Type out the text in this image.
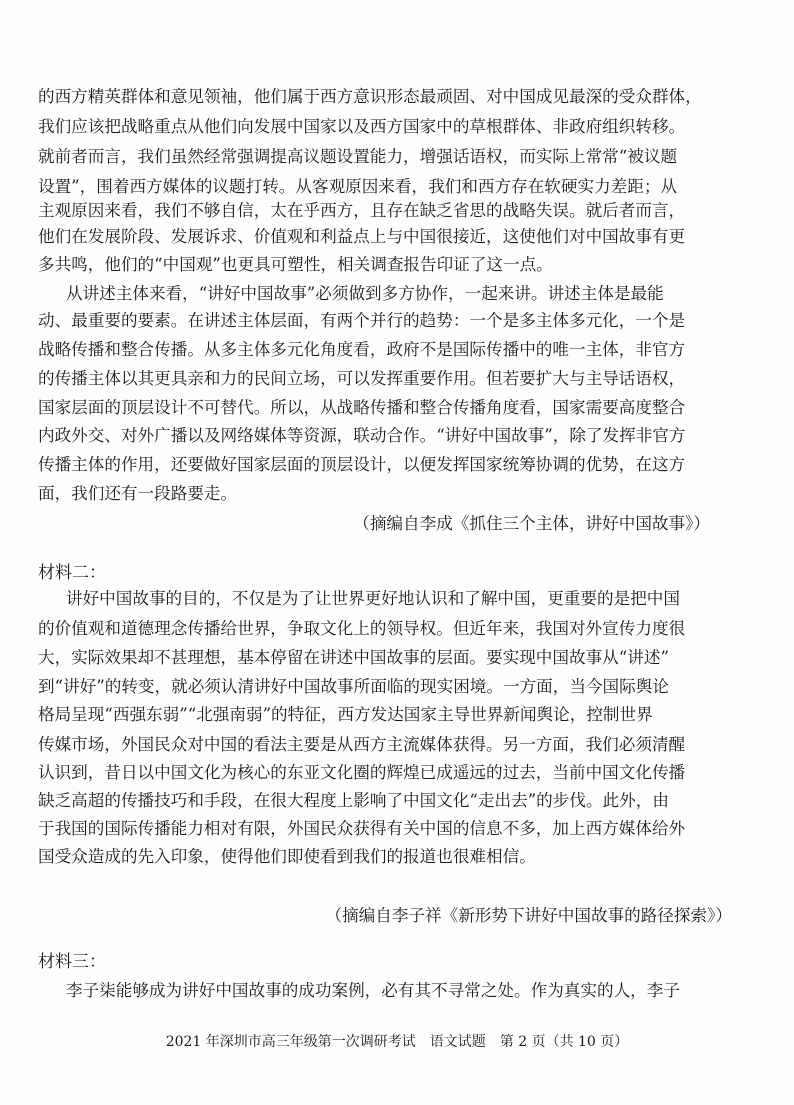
的西方精英群体和意见领袖，他们属于西方意识形态最顽固、对中国成见最深的受众群体，
我们应该把战略重点从他们向发展中国家以及西方国家中的草根群体、非政府组织转移。
就前者而言，我们虽然经常强调提高议题设置能力，增强话语权，而实际上常常“被议题
设置”，围着西方媒体的议题打转。从客观原因来看，我们和西方存在软硬实力差距；从
主观原因来看，我们不够自信，太在乎西方，且存在缺乏省思的战略失误。就后者而言，
他们在发展阶段、发展诉求、价值观和利益点上与中国很接近，这使他们对中国故事有更
多共鸣，他们的“中国观”也更具可塑性，相关调查报告印证了这一点。
从讲述主体来看，“讲好中国故事”必须做到多方协作，一起来讲。讲述主体是最能
动、最重要的要素。在讲述主体层面，有两个并行的趋势：一个是多主体多元化，一个是
战略传播和整合传播。从多主体多元化角度看，政府不是国际传播中的唯一主体，非官方
的传播主体以其更具亲和力的民间立场，可以发挥重要作用。但若要扩大与主导话语权，
国家层面的顶层设计不可替代。所以，从战略传播和整合传播角度看，国家需要高度整合
内政外交、对外广播以及网络媒体等资源，联动合作。“讲好中国故事”，除了发挥非官方
传播主体的作用，还要做好国家层面的顶层设计，以便发挥国家统筹协调的优势，在这方
面，我们还有一段路要走。
（摘编自李成《抓住三个主体，讲好中国故事》）
材料二：
讲好中国故事的目的，不仅是为了让世界更好地认识和了解中国，更重要的是把中国
的价值观和道德理念传播给世界，争取文化上的领导权。但近年来，我国对外宣传力度很
大，实际效果却不甚理想，基本停留在讲述中国故事的层面。要实现中国故事从“讲述”
到“讲好”的转变，就必须认清讲好中国故事所面临的现实困境。一方面，当今国际舆论
格局呈现“西强东弱”“北强南弱”的特征，西方发达国家主导世界新闻舆论，控制世界
传媒市场，外国民众对中国的看法主要是从西方主流媒体获得。另一方面，我们必须清醒
认识到，昔日以中国文化为核心的东亚文化圈的辉煌已成遥远的过去，当前中国文化传播
缺乏高超的传播技巧和手段，在很大程度上影响了中国文化“走出去”的步伐。此外，由
于我国的国际传播能力相对有限，外国民众获得有关中国的信息不多，加上西方媒体给外
国受众造成的先入印象，使得他们即使看到我们的报道也很难相信。
（摘编自李子祥《新形势下讲好中国故事的路径探索》）
材料三：
李子柒能够成为讲好中国故事的成功案例，必有其不寻常之处。作为真实的人，李子
2021 年深圳市高三年级第一次调研考试　语文试题　第 2 页（共 10 页）
